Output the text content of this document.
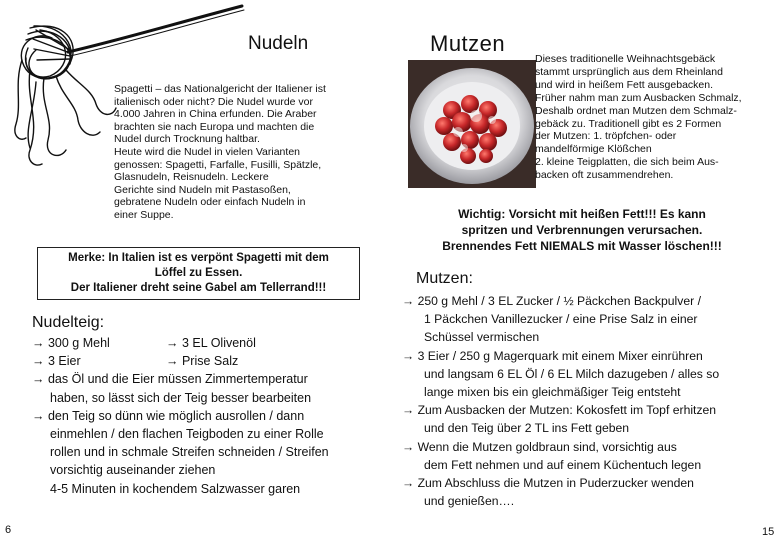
Nudeln
Spagetti – das Nationalgericht der Italiener ist
italienisch oder nicht? Die Nudel wurde vor
4.000 Jahren in China erfunden. Die Araber
brachten sie nach Europa und machten die
Nudel durch Trocknung haltbar.
Heute wird die Nudel in vielen Varianten
genossen: Spagetti, Farfalle, Fusilli, Spätzle,
Glasnudeln, Reisnudeln. Leckere
Gerichte sind Nudeln mit Pastasoßen,
gebratene Nudeln oder einfach Nudeln in
einer Suppe.
Merke: In Italien ist es verpönt Spagetti mit dem
Löffel zu Essen.
Der Italiener dreht seine Gabel am Tellerrand!!!
Nudelteig:
→ 300 g Mehl	→ 3 EL Olivenöl
→ 3 Eier	→ Prise Salz
→ das Öl und die Eier müssen Zimmertemperatur
haben, so lässt sich der Teig besser bearbeiten
→ den Teig so dünn wie möglich ausrollen / dann
einmehlen / den flachen Teigboden zu einer Rolle
rollen und in schmale Streifen schneiden / Streifen
vorsichtig auseinander ziehen
4-5 Minuten in kochendem Salzwasser garen
6
Mutzen
Dieses traditionelle Weihnachtsgebäck
stammt ursprünglich aus dem Rheinland
und wird in heißem Fett ausgebacken.
Früher nahm man zum Ausbacken Schmalz,
Deshalb ordnet man Mutzen dem Schmalz-
gebäck zu. Traditionell gibt es 2 Formen
der Mutzen: 1. tröpfchen- oder
mandelförmige Klößchen
2. kleine Teigplatten, die sich beim Aus-
backen oft zusammendrehen.
Wichtig: Vorsicht mit heißen Fett!!! Es kann
spritzen und Verbrennungen verursachen.
Brennendes Fett NIEMALS mit Wasser löschen!!!
Mutzen:
→ 250 g Mehl / 3 EL Zucker / ½ Päckchen Backpulver /
1 Päckchen Vanillezucker / eine Prise Salz in einer
Schüssel vermischen
→ 3 Eier / 250 g Magerquark mit einem Mixer einrühren
und langsam 6 EL Öl / 6 EL Milch dazugeben / alles so
lange mixen bis ein gleichmäßiger Teig entsteht
→ Zum Ausbacken der Mutzen: Kokosfett im Topf erhitzen
und den Teig über 2 TL ins Fett geben
→ Wenn die Mutzen goldbraun sind, vorsichtig aus
dem Fett nehmen und auf einem Küchentuch legen
→ Zum Abschluss die Mutzen in Puderzucker wenden
und genießen….
15
